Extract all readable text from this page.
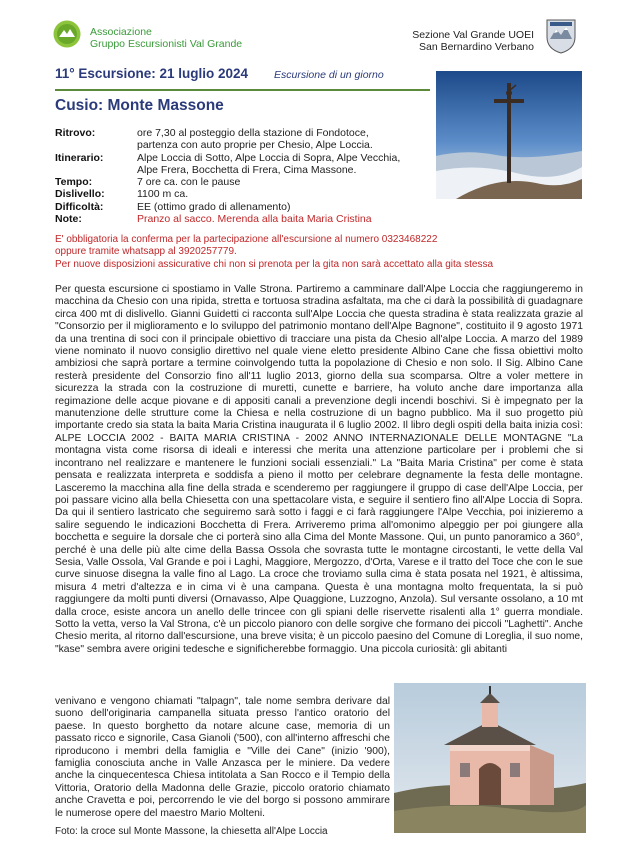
Associazione
Gruppo Escursionisti Val Grande
Sezione Val Grande UOEI
San Bernardino Verbano
11° Escursione: 21 luglio 2024 Escursione di un giorno
Cusio: Monte Massone
Ritrovo:	ore 7,30 al posteggio della stazione di Fondotoce,
partenza con auto proprie per Chesio, Alpe Loccia.
Itinerario:	Alpe Loccia di Sotto, Alpe Loccia di Sopra, Alpe Vecchia,
Alpe Frera, Bocchetta di Frera, Cima Massone.
Tempo:	7 ore ca. con le pause
Dislivello:	1100 m ca.
Difficoltà:	EE (ottimo grado di allenamento)
Note:	Pranzo al sacco. Merenda alla baita Maria Cristina
E' obbligatoria la conferma per la partecipazione all'escursione al numero 0323468222
oppure tramite whatsapp al 3920257779.
Per nuove disposizioni assicurative chi non si prenota per la gita non sarà accettato alla gita stessa
Per questa escursione ci spostiamo in Valle Strona. Partiremo a camminare dall'Alpe Loccia che raggiungeremo in macchina da Chesio con una ripida, stretta e tortuosa stradina asfaltata, ma che ci darà la possibilità di guadagnare circa 400 mt di dislivello. Gianni Guidetti ci racconta sull'Alpe Loccia che questa stradina è stata realizzata grazie al "Consorzio per il miglioramento e lo sviluppo del patrimonio montano dell'Alpe Bagnone", costituito il 9 agosto 1971 da una trentina di soci con il principale obiettivo di tracciare una pista da Chesio all'alpe Loccia. A marzo del 1989 viene nominato il nuovo consiglio direttivo nel quale viene eletto presidente Albino Cane che fissa obiettivi molto ambiziosi che saprà portare a termine coinvolgendo tutta la popolazione di Chesio e non solo. Il Sig. Albino Cane resterà presidente del Consorzio fino all'11 luglio 2013, giorno della sua scomparsa. Oltre a voler mettere in sicurezza la strada con la costruzione di muretti, cunette e barriere, ha voluto anche dare importanza alla regimazione delle acque piovane e di appositi canali a prevenzione degli incendi boschivi. Si è impegnato per la manutenzione delle strutture come la Chiesa e nella costruzione di un bagno pubblico. Ma il suo progetto più importante credo sia stata la baita Maria Cristina inaugurata il 6 luglio 2002. Il libro degli ospiti della baita inizia così: ALPE LOCCIA 2002 - BAITA MARIA CRISTINA - 2002 ANNO INTERNAZIONALE DELLE MONTAGNE "La montagna vista come risorsa di ideali e interessi che merita una attenzione particolare per i problemi che si incontrano nel realizzare e mantenere le funzioni sociali essenziali." La "Baita Maria Cristina" per come è stata pensata e realizzata interpreta e soddisfa a pieno il motto per celebrare degnamente la festa delle montagne. Lasceremo la macchina alla fine della strada e scenderemo per raggiungere il gruppo di case dell'Alpe Loccia, per poi passare vicino alla bella Chiesetta con una spettacolare vista, e seguire il sentiero fino all'Alpe Loccia di Sopra. Da qui il sentiero lastricato che seguiremo sarà sotto i faggi e ci farà raggiungere l'Alpe Vecchia, poi inizieremo a salire seguendo le indicazioni Bocchetta di Frera. Arriveremo prima all'omonimo alpeggio per poi giungere alla bocchetta e seguire la dorsale che ci porterà sino alla Cima del Monte Massone. Qui, un punto panoramico a 360°, perché è una delle più alte cime della Bassa Ossola che sovrasta tutte le montagne circostanti, le vette della Val Sesia, Valle Ossola, Val Grande e poi i Laghi, Maggiore, Mergozzo, d'Orta, Varese e il tratto del Toce che con le sue curve sinuose disegna la valle fino al Lago. La croce che troviamo sulla cima è stata posata nel 1921, è altissima, misura 4 metri d'altezza e in cima vi è una campana. Questa è una montagna molto frequentata, la si può raggiungere da molti punti diversi (Ornavasso, Alpe Quaggione, Luzzogno, Anzola). Sul versante ossolano, a 10 mt dalla croce, esiste ancora un anello delle trincee con gli spiani delle riservette risalenti alla 1° guerra mondiale. Sotto la vetta, verso la Val Strona, c'è un piccolo pianoro con delle sorgive che formano dei piccoli "Laghetti". Anche Chesio merita, al ritorno dall'escursione, una breve visita; è un piccolo paesino del Comune di Loreglia, il suo nome, "kase" sembra avere origini tedesche e significherebbe formaggio. Una piccola curiosità: gli abitanti
venivano e vengono chiamati "talpagn", tale nome sembra derivare dal suono dell'originaria campanella situata presso l'antico oratorio del paese. In questo borghetto da notare alcune case, memoria di un passato ricco e signorile, Casa Gianoli ('500), con all'interno affreschi che riproducono i membri della famiglia e "Ville dei Cane" (inizio '900), famiglia conosciuta anche in Valle Anzasca per le miniere. Da vedere anche la cinquecentesca Chiesa intitolata a San Rocco e il Tempio della Vittoria, Oratorio della Madonna delle Grazie, piccolo oratorio chiamato anche Cravetta e poi, percorrendo le vie del borgo si possono ammirare le numerose opere del maestro Mario Molteni.
Foto: la croce sul Monte Massone, la chiesetta all'Alpe Loccia
